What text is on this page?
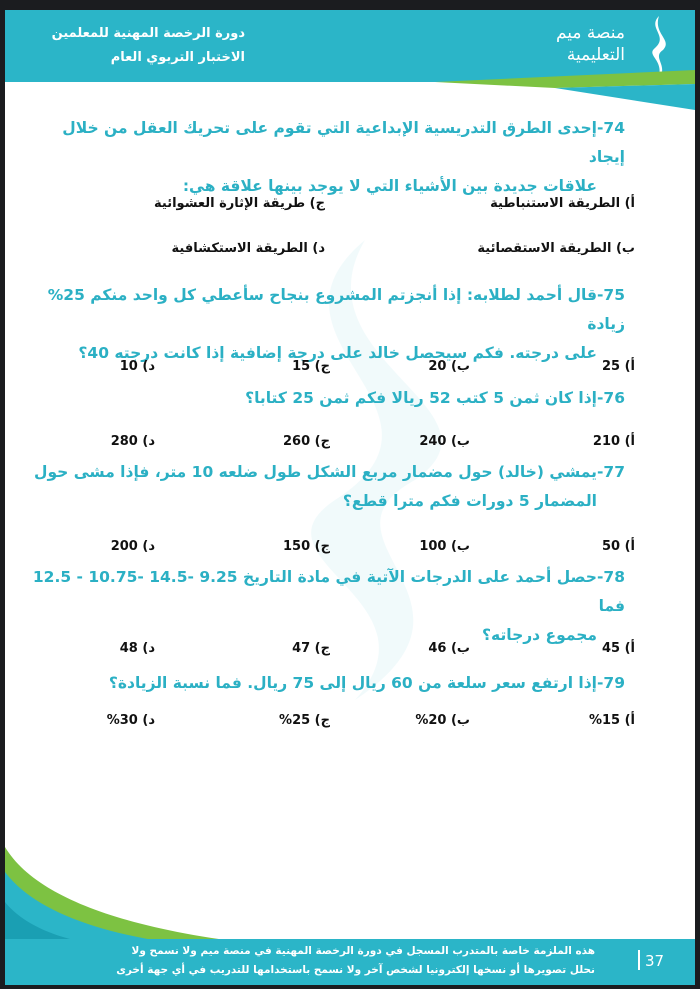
دورة الرخصة المهنية للمعلمين
الاختبار التربوي العام
منصة ميم
التعليمية
74-إحدى الطرق التدريسية الإبداعية التي تقوم على تحريك العقل من خلال إيجاد
علاقات جديدة بين الأشياء التي لا يوجد بينها علاقة هي:
أ) الطريقة الاستنباطية
ب) الطريقة الاستقصائية
ج) طريقة الإثارة العشوائية
د) الطريقة الاستكشافية
75-قال أحمد لطلابه: إذا أنجزتم المشروع بنجاح سأعطي كل واحد منكم 25% زيادة
على درجته. فكم سيحصل خالد على درجة إضافية إذا كانت درجته 40؟
أ) 25
ب) 20
ج) 15
د) 10
76-إذا كان ثمن 5 كتب 52 ريالا فكم ثمن 25 كتابا؟
أ) 210
ب) 240
ج) 260
د) 280
77-يمشي (خالد) حول مضمار مربع الشكل طول ضلعه 10 متر، فإذا مشى حول
المضمار 5 دورات فكم مترا قطع؟
أ) 50
ب) 100
ج) 150
د) 200
78-حصل أحمد على الدرجات الآتية في مادة التاريخ 9.25 -14.5 -10.75 - 12.5 فما
مجموع درجاته؟
أ) 45
ب) 46
ج) 47
د) 48
79-إذا ارتفع سعر سلعة من 60 ريال إلى 75 ريال. فما نسبة الزيادة؟
أ) 15%
ب) 20%
ج) 25%
د) 30%
هذه الملزمة خاصة بالمتدرب المسجل في دورة الرخصة المهنية في منصة ميم ولا نسمح ولا
نحلل تصويرها أو نسخها إلكترونيا لشخص آخر ولا نسمح باستخدامها للتدريب في أي جهة أخرى	37
